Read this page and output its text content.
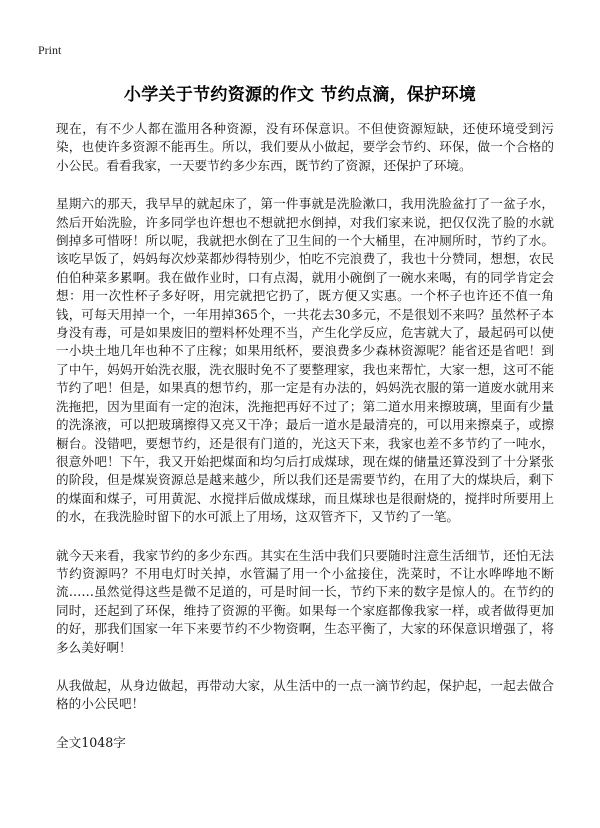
Print
小学关于节约资源的作文 节约点滴，保护环境

现在，有不少人都在滥用各种资源，没有环保意识。不但使资源短缺，还使环境受到污染，也使许多资源不能再生。所以，我们要从小做起，要学会节约、环保，做一个合格的小公民。看看我家，一天要节约多少东西，既节约了资源，还保护了环境。

星期六的那天，我早早的就起床了，第一件事就是洗脸漱口，我用洗脸盆打了一盆子水，然后开始洗脸，许多同学也许想也不想就把水倒掉，对我们家来说，把仅仅洗了脸的水就倒掉多可惜呀！所以呢，我就把水倒在了卫生间的一个大桶里，在冲厕所时，节约了水。该吃早饭了，妈妈每次炒菜都炒得特别少，怕吃不完浪费了，我也十分赞同，想想，农民伯伯种菜多累啊。我在做作业时，口有点渴，就用小碗倒了一碗水来喝，有的同学肯定会想：用一次性杯子多好呀，用完就把它扔了，既方便又实惠。一个杯子也许还不值一角钱，可每天用掉一个，一年用掉365个，一共花去30多元，不是很划不来吗？虽然杯子本身没有毒，可是如果废旧的塑料杯处理不当，产生化学反应，危害就大了，最起码可以使一小块土地几年也种不了庄稼；如果用纸杯，要浪费多少森林资源呢？能省还是省吧！到了中午，妈妈开始洗衣服，洗衣服时免不了要整理家，我也来帮忙，大家一想，这可不能节约了吧！但是，如果真的想节约，那一定是有办法的，妈妈洗衣服的第一道废水就用来洗拖把，因为里面有一定的泡沫，洗拖把再好不过了；第二道水用来擦玻璃，里面有少量的洗涤液，可以把玻璃擦得又亮又干净；最后一道水是最清亮的，可以用来擦桌子，或擦橱台。没错吧，要想节约，还是很有门道的，光这天下来，我家也差不多节约了一吨水，很意外吧！下午，我又开始把煤面和均匀后打成煤球，现在煤的储量还算没到了十分紧张的阶段，但是煤炭资源总是越来越少，所以我们还是需要节约，在用了大的煤块后，剩下的煤面和煤子，可用黄泥、水搅拌后做成煤球，而且煤球也是很耐烧的，搅拌时所要用上的水，在我洗脸时留下的水可派上了用场，这双管齐下，又节约了一笔。

就今天来看，我家节约的多少东西。其实在生活中我们只要随时注意生活细节，还怕无法节约资源吗？不用电灯时关掉，水管漏了用一个小盆接住，洗菜时，不让水哗哗地不断流……虽然觉得这些是微不足道的，可是时间一长，节约下来的数字是惊人的。在节约的同时，还起到了环保，维持了资源的平衡。如果每一个家庭都像我家一样，或者做得更加的好，那我们国家一年下来要节约不少物资啊，生态平衡了，大家的环保意识增强了，将多么美好啊！

从我做起，从身边做起，再带动大家，从生活中的一点一滴节约起，保护起，一起去做合格的小公民吧！

全文1048字
